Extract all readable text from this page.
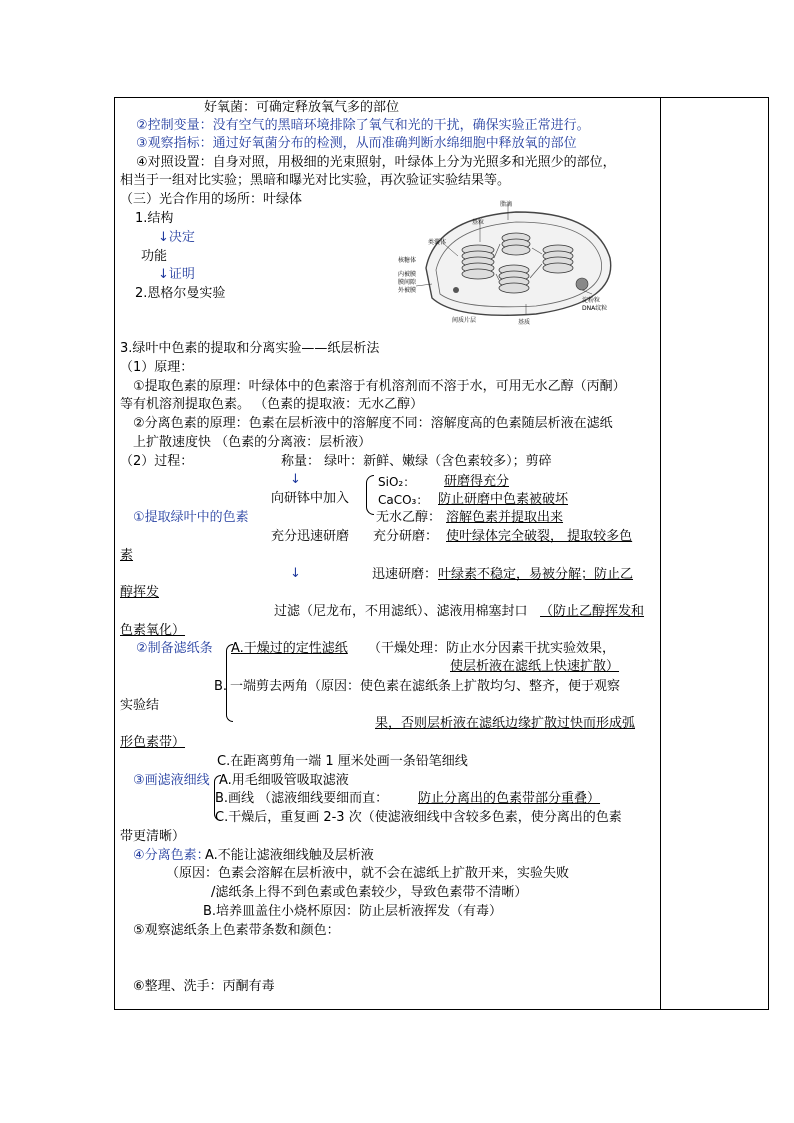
好氧菌：可确定释放氧气多的部位
②控制变量：没有空气的黑暗环境排除了氧气和光的干扰，确保实验正常进行。
③观察指标：通过好氧菌分布的检测，从而准确判断水绵细胞中释放氧的部位
④对照设置：自身对照，用极细的光束照射，叶绿体上分为光照多和光照少的部位，
相当于一组对比实验；黑暗和曝光对比实验，再次验证实验结果等。
（三）光合作用的场所：叶绿体
1.结构
↓决定
功能
↓证明
2.恩格尔曼实验
基粒
类囊体
核糖体
内被膜
膜间隙
外被膜
间质片层	基质
淀粉粒
DNA纹粒
脂滴
3.绿叶中色素的提取和分离实验——纸层析法
（1）原理：
①提取色素的原理：叶绿体中的色素溶于有机溶剂而不溶于水，可用无水乙醇（丙酮）
等有机溶剂提取色素。 （色素的提取液：无水乙醇）
②分离色素的原理：色素在层析液中的溶解度不同：溶解度高的色素随层析液在滤纸
上扩散速度快 （色素的分离液：层析液）
（2）过程：	称量： 绿叶：新鲜、嫩绿（含色素较多）；剪碎
↓
向研钵中加入
SiO₂： 研磨得充分
CaCO₃： 防止研磨中色素被破坏
①提取绿叶中的色素	无水乙醇： 溶解色素并提取出来
充分迅速研磨 充分研磨： 使叶绿体完全破裂， 提取较多色
素
↓	迅速研磨： 叶绿素不稳定，易被分解；防止乙
醇挥发
过滤（尼龙布，不用滤纸）、滤液用棉塞封口 （防止乙醇挥发和
色素氧化）
②制备滤纸条 A.干燥过的定性滤纸 （干燥处理：防止水分因素干扰实验效果，
使层析液在滤纸上快速扩散）
B. 一端剪去两角（原因：使色素在滤纸条上扩散均匀、整齐，便于观察
实验结
果，否则层析液在滤纸边缘扩散过快而形成弧
形色素带）
C.在距离剪角一端 1 厘米处画一条铅笔细线
③画滤液细线 A.用毛细吸管吸取滤液
B.画线 （滤液细线要细而直： 防止分离出的色素带部分重叠）
C.干燥后，重复画 2-3 次（使滤液细线中含较多色素，使分离出的色素
带更清晰）
④分离色素：
A.不能让滤液细线触及层析液
（原因：色素会溶解在层析液中，就不会在滤纸上扩散开来，实验失败
/滤纸条上得不到色素或色素较少，导致色素带不清晰）
B.培养皿盖住小烧杯原因：防止层析液挥发（有毒）
⑤观察滤纸条上色素带条数和颜色：
⑥整理、洗手：丙酮有毒
